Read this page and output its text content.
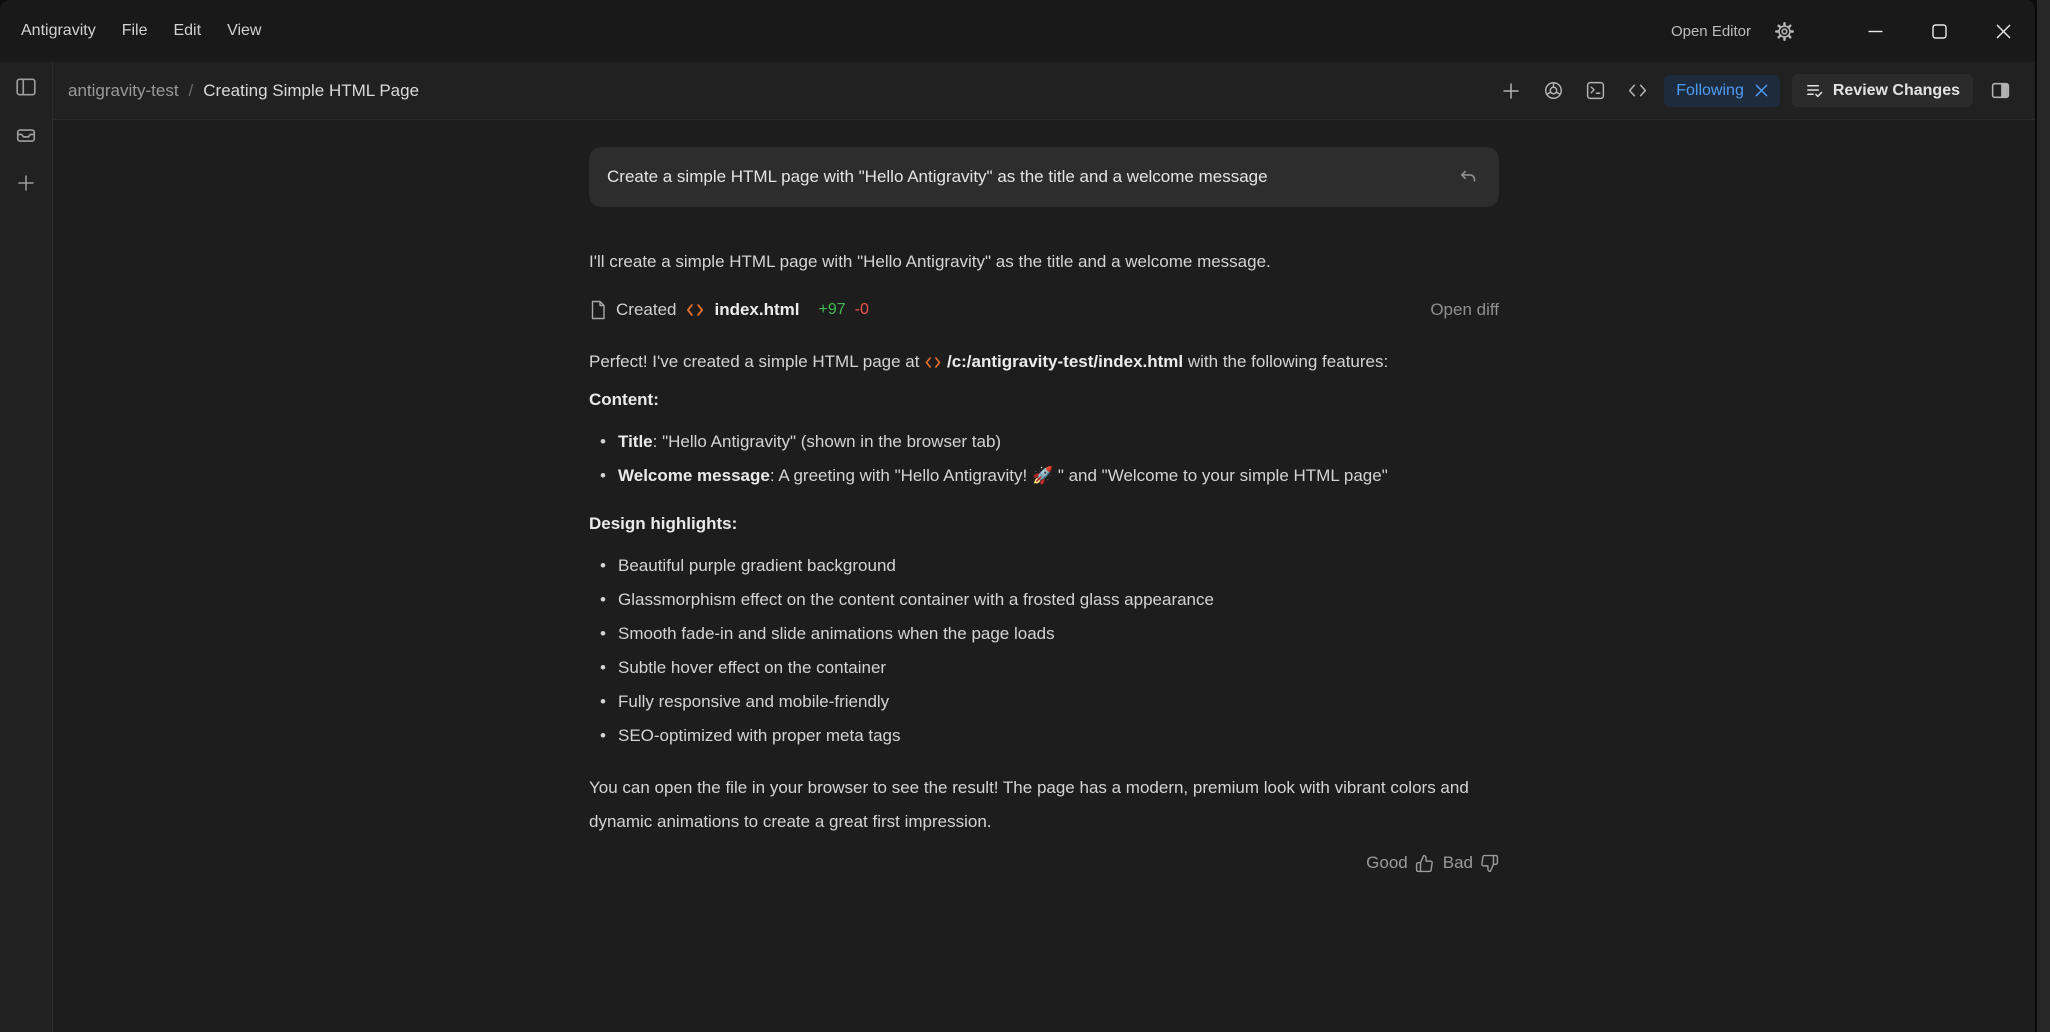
Antigravity	File	Edit	View	Open Editor
antigravity-test / Creating Simple HTML Page	Following	Review Changes
Create a simple HTML page with "Hello Antigravity" as the title and a welcome message

I'll create a simple HTML page with "Hello Antigravity" as the title and a welcome message.

Created index.html +97 -0	Open diff

Perfect! I've created a simple HTML page at /c:/antigravity-test/index.html with the following features:

Content:

• Title: "Hello Antigravity" (shown in the browser tab)
• Welcome message: A greeting with "Hello Antigravity! 🚀 " and "Welcome to your simple HTML page"

Design highlights:

• Beautiful purple gradient background
• Glassmorphism effect on the content container with a frosted glass appearance
• Smooth fade-in and slide animations when the page loads
• Subtle hover effect on the container
• Fully responsive and mobile-friendly
• SEO-optimized with proper meta tags

You can open the file in your browser to see the result! The page has a modern, premium look with vibrant colors and dynamic animations to create a great first impression.

Good Bad
